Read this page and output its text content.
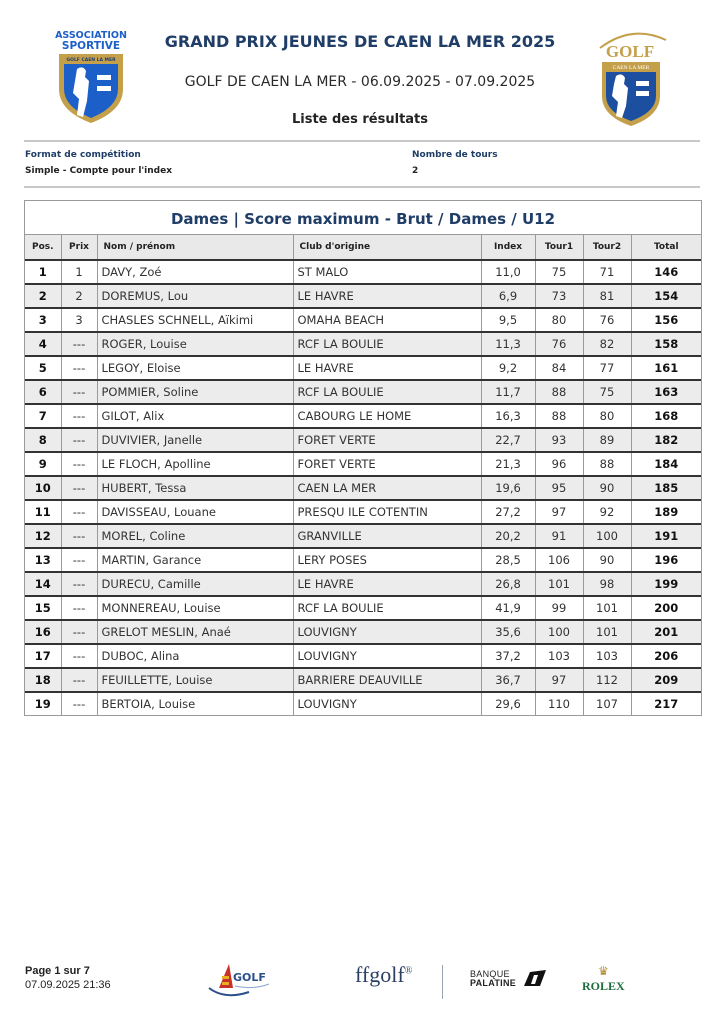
ASSOCIATION
SPORTIVE
GOLF CAEN LA MER
GRAND PRIX JEUNES DE CAEN LA MER 2025
GOLF DE CAEN LA MER - 06.09.2025 - 07.09.2025
Liste des résultats
GOLF
CAEN LA MER
Format de compétition
Simple - Compte pour l'index
Nombre de tours
2
Dames | Score maximum - Brut / Dames / U12
Pos.	Prix	Nom / prénom	Club d'origine	Index	Tour1	Tour2	Total
1	1	DAVY, Zoé	ST MALO	11,0	75	71	146
2	2	DOREMUS, Lou	LE HAVRE	6,9	73	81	154
3	3	CHASLES SCHNELL, Aïkimi	OMAHA BEACH	9,5	80	76	156
4	---	ROGER, Louise	RCF LA BOULIE	11,3	76	82	158
5	---	LEGOY, Eloise	LE HAVRE	9,2	84	77	161
6	---	POMMIER, Soline	RCF LA BOULIE	11,7	88	75	163
7	---	GILOT, Alix	CABOURG LE HOME	16,3	88	80	168
8	---	DUVIVIER, Janelle	FORET VERTE	22,7	93	89	182
9	---	LE FLOCH, Apolline	FORET VERTE	21,3	96	88	184
10	---	HUBERT, Tessa	CAEN LA MER	19,6	95	90	185
11	---	DAVISSEAU, Louane	PRESQU ILE COTENTIN	27,2	97	92	189
12	---	MOREL, Coline	GRANVILLE	20,2	91	100	191
13	---	MARTIN, Garance	LERY POSES	28,5	106	90	196
14	---	DURECU, Camille	LE HAVRE	26,8	101	98	199
15	---	MONNEREAU, Louise	RCF LA BOULIE	41,9	99	101	200
16	---	GRELOT MESLIN, Anaé	LOUVIGNY	35,6	100	101	201
17	---	DUBOC, Alina	LOUVIGNY	37,2	103	103	206
18	---	FEUILLETTE, Louise	BARRIERE DEAUVILLE	36,7	97	112	209
19	---	BERTOIA, Louise	LOUVIGNY	29,6	110	107	217
Page 1 sur 7
07.09.2025 21:36
GOLF	ffgolf®	BANQUE
PALATINE
♛
ROLEX
